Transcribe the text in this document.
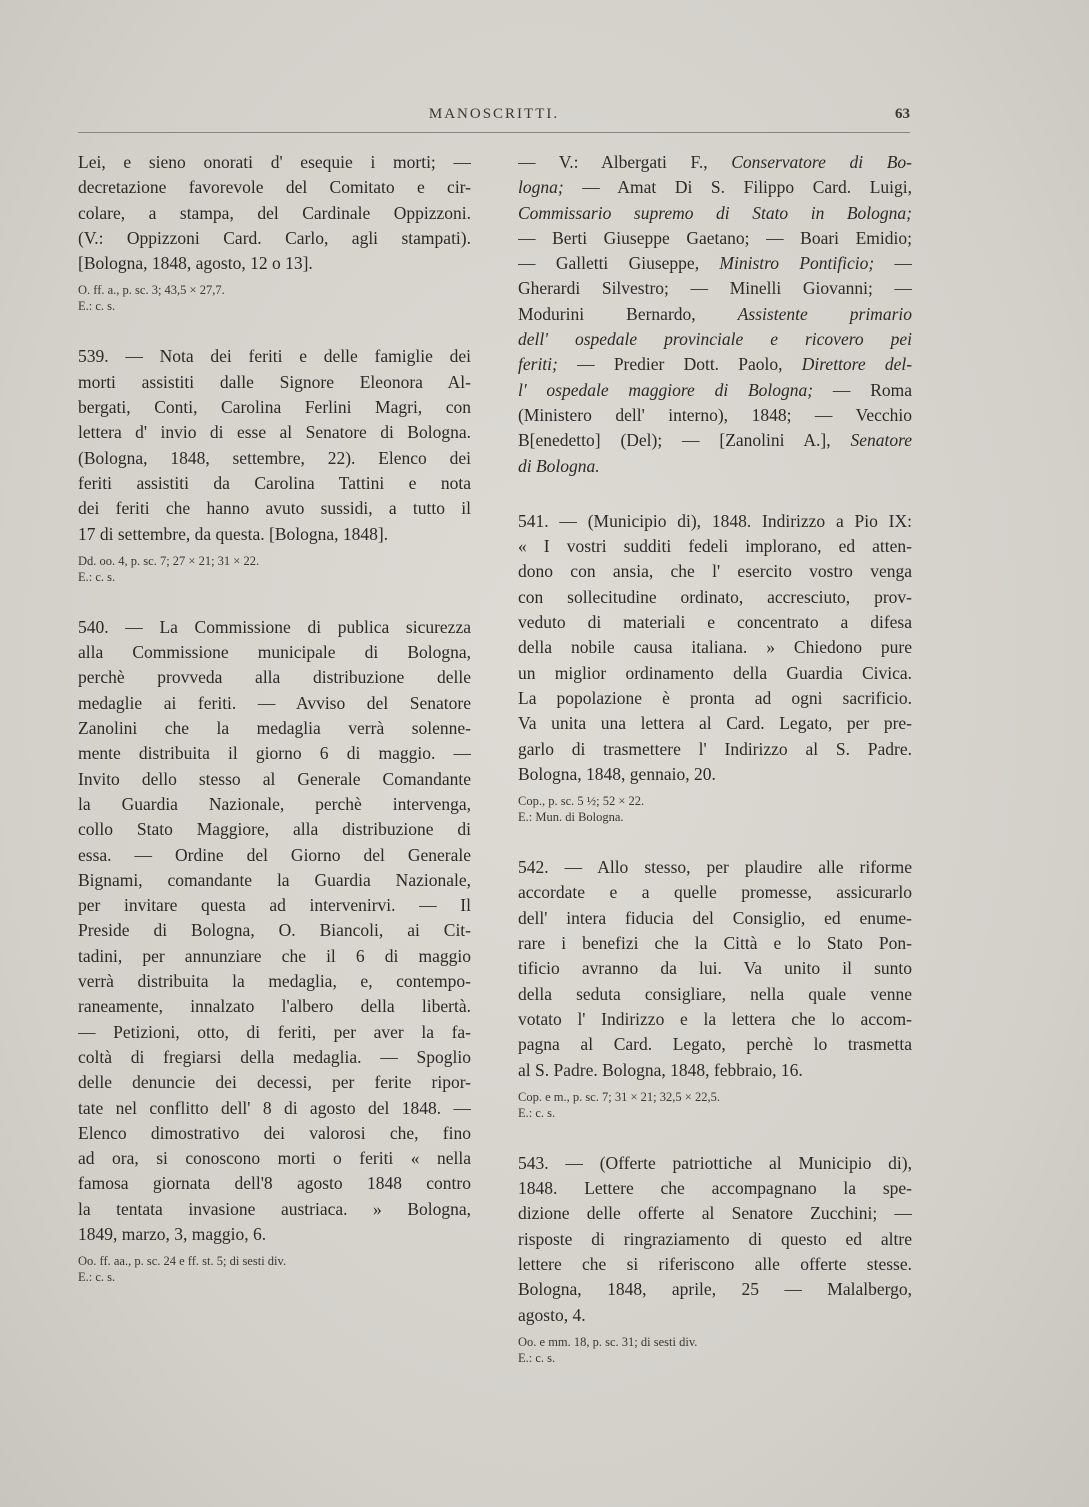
MANOSCRITTI.	63
Lei, e sieno onorati d' esequie i morti; —
decretazione favorevole del Comitato e cir-
colare, a stampa, del Cardinale Oppizzoni.
(V.: Oppizzoni Card. Carlo, agli stampati).
[Bologna, 1848, agosto, 12 o 13].
O. ff. a., p. sc. 3; 43,5 × 27,7.
E.: c. s.
539. — Nota dei feriti e delle famiglie dei
morti assistiti dalle Signore Eleonora Al-
bergati, Conti, Carolina Ferlini Magri, con
lettera d' invio di esse al Senatore di Bologna.
(Bologna, 1848, settembre, 22). Elenco dei
feriti assistiti da Carolina Tattini e nota
dei feriti che hanno avuto sussidi, a tutto il
17 di settembre, da questa. [Bologna, 1848].
Dd. oo. 4, p. sc. 7; 27 × 21; 31 × 22.
E.: c. s.
540. — La Commissione di publica sicurezza
alla Commissione municipale di Bologna,
perchè provveda alla distribuzione delle
medaglie ai feriti. — Avviso del Senatore
Zanolini che la medaglia verrà solenne-
mente distribuita il giorno 6 di maggio. —
Invito dello stesso al Generale Comandante
la Guardia Nazionale, perchè intervenga,
collo Stato Maggiore, alla distribuzione di
essa. — Ordine del Giorno del Generale
Bignami, comandante la Guardia Nazionale,
per invitare questa ad intervenirvi. — Il
Preside di Bologna, O. Biancoli, ai Cit-
tadini, per annunziare che il 6 di maggio
verrà distribuita la medaglia, e, contempo-
raneamente, innalzato l'albero della libertà.
— Petizioni, otto, di feriti, per aver la fa-
coltà di fregiarsi della medaglia. — Spoglio
delle denuncie dei decessi, per ferite ripor-
tate nel conflitto dell' 8 di agosto del 1848. —
Elenco dimostrativo dei valorosi che, fino
ad ora, si conoscono morti o feriti « nella
famosa giornata dell'8 agosto 1848 contro
la tentata invasione austriaca. » Bologna,
1849, marzo, 3, maggio, 6.
Oo. ff. aa., p. sc. 24 e ff. st. 5; di sesti div.
E.: c. s.
— V.: Albergati F., Conservatore di Bo-
logna; — Amat Di S. Filippo Card. Luigi,
Commissario supremo di Stato in Bologna;
— Berti Giuseppe Gaetano; — Boari Emidio;
— Galletti Giuseppe, Ministro Pontificio; —
Gherardi Silvestro; — Minelli Giovanni; —
Modurini Bernardo, Assistente primario
dell' ospedale provinciale e ricovero pei
feriti; — Predier Dott. Paolo, Direttore del-
l' ospedale maggiore di Bologna; — Roma
(Ministero dell' interno), 1848; — Vecchio
B[enedetto] (Del); — [Zanolini A.], Senatore
di Bologna.
541. — (Municipio di), 1848. Indirizzo a Pio IX:
« I vostri sudditi fedeli implorano, ed atten-
dono con ansia, che l' esercito vostro venga
con sollecitudine ordinato, accresciuto, prov-
veduto di materiali e concentrato a difesa
della nobile causa italiana. » Chiedono pure
un miglior ordinamento della Guardia Civica.
La popolazione è pronta ad ogni sacrificio.
Va unita una lettera al Card. Legato, per pre-
garlo di trasmettere l' Indirizzo al S. Padre.
Bologna, 1848, gennaio, 20.
Cop., p. sc. 5 ½; 52 × 22.
E.: Mun. di Bologna.
542. — Allo stesso, per plaudire alle riforme
accordate e a quelle promesse, assicurarlo
dell' intera fiducia del Consiglio, ed enume-
rare i benefizi che la Città e lo Stato Pon-
tificio avranno da lui. Va unito il sunto
della seduta consigliare, nella quale venne
votato l' Indirizzo e la lettera che lo accom-
pagna al Card. Legato, perchè lo trasmetta
al S. Padre. Bologna, 1848, febbraio, 16.
Cop. e m., p. sc. 7; 31 × 21; 32,5 × 22,5.
E.: c. s.
543. — (Offerte patriottiche al Municipio di),
1848. Lettere che accompagnano la spe-
dizione delle offerte al Senatore Zucchini; —
risposte di ringraziamento di questo ed altre
lettere che si riferiscono alle offerte stesse.
Bologna, 1848, aprile, 25 — Malalbergo,
agosto, 4.
Oo. e mm. 18, p. sc. 31; di sesti div.
E.: c. s.
